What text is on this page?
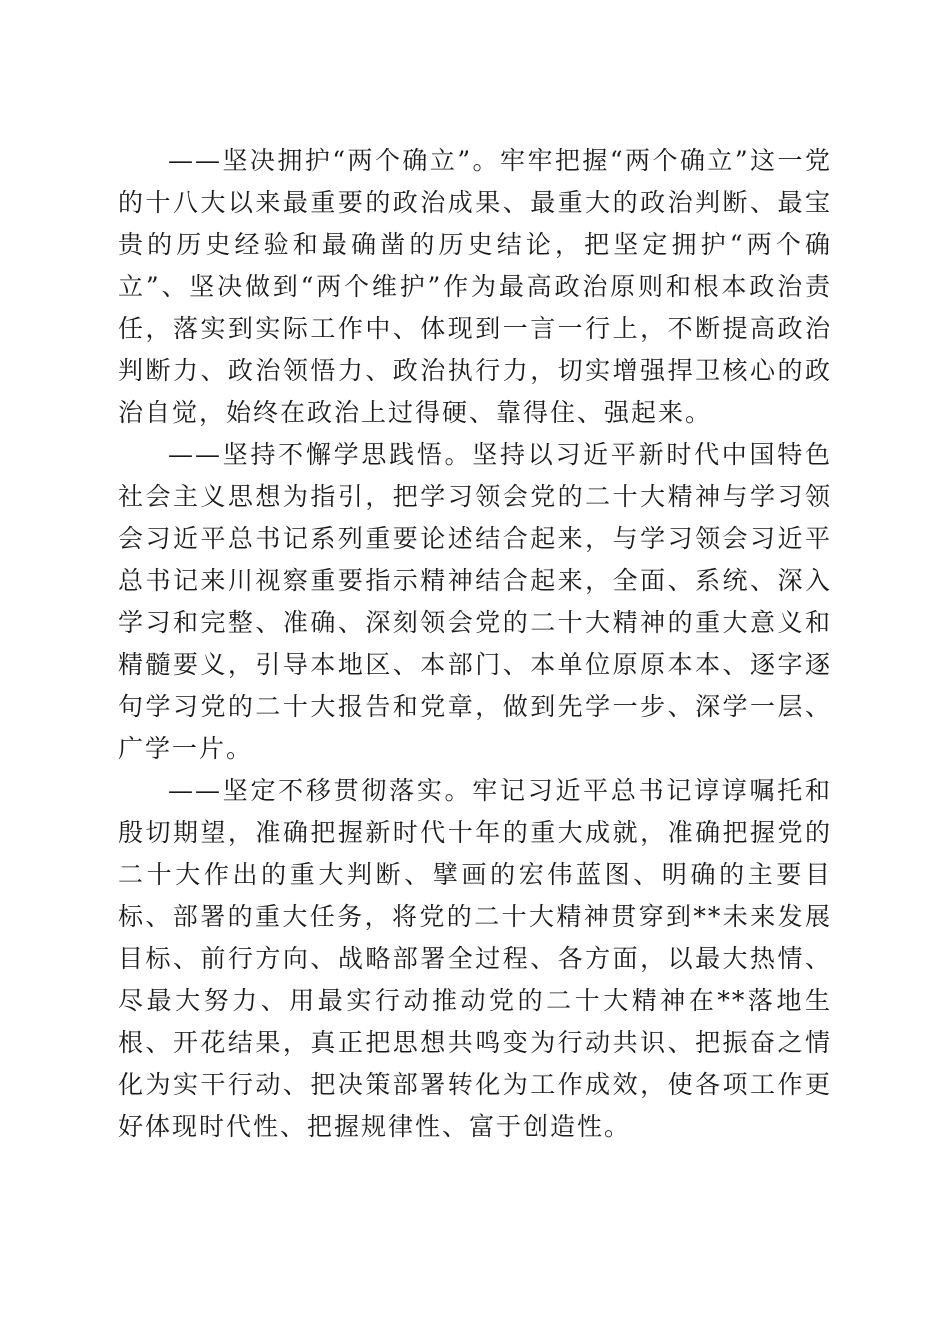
——坚决拥护“两个确立”。牢牢把握“两个确立”这一党的十八大以来最重要的政治成果、最重大的政治判断、最宝贵的历史经验和最确凿的历史结论，把坚定拥护“两个确立”、坚决做到“两个维护”作为最高政治原则和根本政治责任，落实到实际工作中、体现到一言一行上，不断提高政治判断力、政治领悟力、政治执行力，切实增强捍卫核心的政治自觉，始终在政治上过得硬、靠得住、强起来。

——坚持不懈学思践悟。坚持以习近平新时代中国特色社会主义思想为指引，把学习领会党的二十大精神与学习领会习近平总书记系列重要论述结合起来，与学习领会习近平总书记来川视察重要指示精神结合起来，全面、系统、深入学习和完整、准确、深刻领会党的二十大精神的重大意义和精髓要义，引导本地区、本部门、本单位原原本本、逐字逐句学习党的二十大报告和党章，做到先学一步、深学一层、广学一片。

——坚定不移贯彻落实。牢记习近平总书记谆谆嘱托和殷切期望，准确把握新时代十年的重大成就，准确把握党的二十大作出的重大判断、擘画的宏伟蓝图、明确的主要目标、部署的重大任务，将党的二十大精神贯穿到**未来发展目标、前行方向、战略部署全过程、各方面，以最大热情、尽最大努力、用最实行动推动党的二十大精神在**落地生根、开花结果，真正把思想共鸣变为行动共识、把振奋之情化为实干行动、把决策部署转化为工作成效，使各项工作更好体现时代性、把握规律性、富于创造性。
